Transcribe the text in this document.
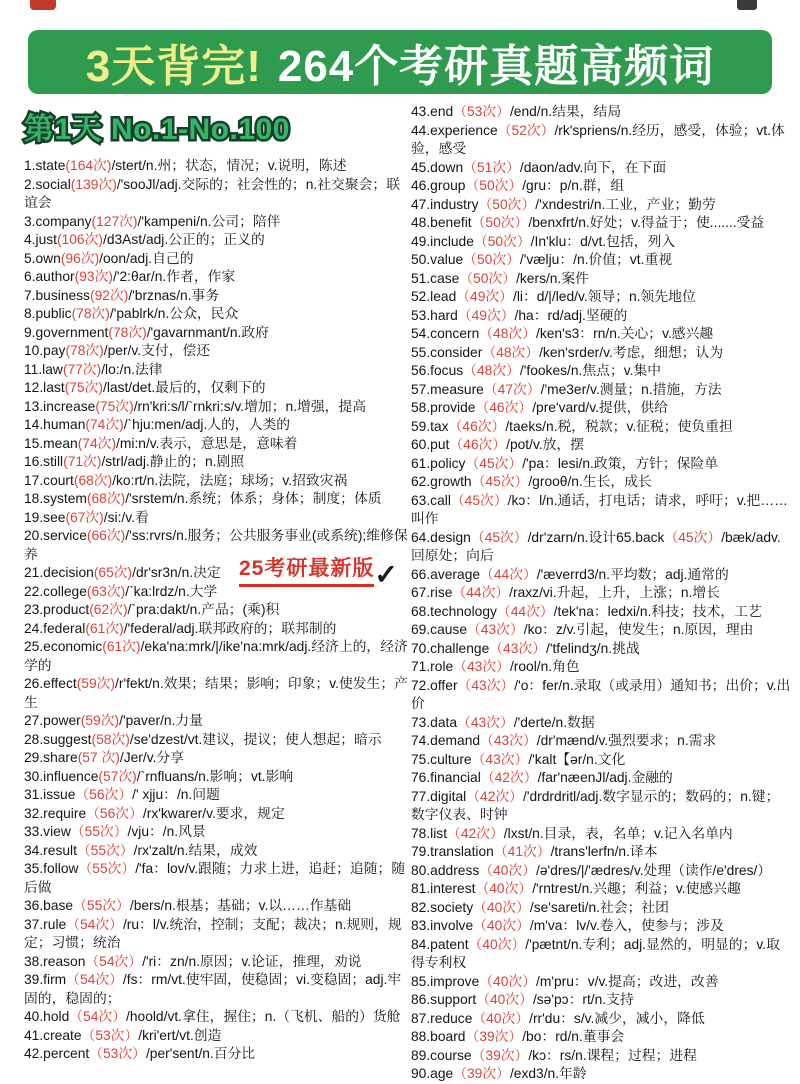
3天背完! 264个考研真题高频词
第1天 No.1-No.100

1.state(164次)/stert/n.州；状态，情况；v.说明，陈述

2.social(139次)/'sooJl/adj.交际的；社会性的；n.社交聚会；联谊会

3.company(127次)/'kampeni/n.公司；陪伴

4.just(106次)/d3Ast/adj.公正的；正义的

5.own(96次)/oon/adj.自己的

6.author(93次)/'2:θar/n.作者，作家

7.business(92次)/'brznas/n.事务

8.public(78次)/'pablrk/n.公众，民众

9.government(78次)/'gavarnmant/n.政府

10.pay(78次)/per/v.支付，偿还

11.law(77次)/lo:/n.法律

12.last(75次)/last/det.最后的，仅剩下的

13.increase(75次)/rn'kri:s/l/`rnkri:s/v.增加；n.增强，提高

14.human(74次)/`hju:men/adj.人的，人类的

15.mean(74次)/mi:n/v.表示，意思是，意味着

16.still(71次)/strl/adj.静止的；n.剧照

17.court(68次)/ko:rt/n.法院，法庭；球场；v.招致灾祸

18.system(68次)/'srstem/n.系统；体系；身体；制度；体质

19.see(67次)/si:/v.看

20.service(66次)/'ss:rvrs/n.服务；公共服务事业(或系统);维修保养

21.decision(65次)/dr'sr3n/n.决定

22.college(63次)/`ka:lrdz/n.大学

23.product(62次)/`pra:dakt/n.产品；(乘)积

24.federal(61次)/'federal/adj.联邦政府的；联邦制的

25.economic(61次)/eka'na:mrk/|/ike'na:mrk/adj.经济上的，经济学的

26.effect(59次)/r'fekt/n.效果；结果；影响；印象；v.使发生；产生

27.power(59次)/'paver/n.力量

28.suggest(58次)/se'dzest/vt.建议，提议；使人想起；暗示

29.share(57 次)/Jer/v.分享

30.influence(57次)/`rnfluans/n.影响；vt.影响

31.issue（56次）/' xjju：/n.问题

32.require（56次）/rx'kwarer/v.要求，规定

33.view（55次）/vju：/n.风景

34.result（55次）/rx'zalt/n.结果，成效

35.follow（55次）/'fa：lov/v.跟随；力求上进，追赶；追随；随后做

36.base（55次）/bers/n.根基；基础；v.以……作基础

37.rule（54次）/ru：l/v.统治，控制；支配；裁决；n.规则，规定；习惯；统治

38.reason（54次）/'ri：zn/n.原因；v.论证，推理，劝说

39.firm（54次）/fs：rm/vt.使牢固，使稳固；vi.变稳固；adj.牢固的，稳固的；

40.hold（54次）/hoold/vt.拿住，握住；n.（飞机、船的）货舱

41.create（53次）/kri'ert/vt.创造

42.percent（53次）/per'sent/n.百分比

43.end（53次）/end/n.结果，结局

44.experience（52次）/rk'spriens/n.经历，感受，体验；vt.体验，感受

45.down（51次）/daon/adv.向下，在下面

46.group（50次）/gru：p/n.群，组

47.industry（50次）/'xndestri/n.工业，产业；勤劳

48.benefit（50次）/benxfrt/n.好处；v.得益于；使.......受益

49.include（50次）/In'klu：d/vt.包括，列入

50.value（50次）/'vælju：/n.价值；vt.重视

51.case（50次）/kers/n.案件

52.lead（49次）/li：d/|/led/v.领导；n.领先地位

53.hard（49次）/ha：rd/adj.坚硬的

54.concern（48次）/ken's3：rn/n.关心；v.感兴趣

55.consider（48次）/ken'srder/v.考虑，细想；认为

56.focus（48次）/'fookes/n.焦点；v.集中

57.measure（47次）/'me3er/v.测量；n.措施，方法

58.provide（46次）/pre'vard/v.提供，供给

59.tax（46次）/taeks/n.税，税款；v.征税；使负重担

60.put（46次）/pot/v.放，摆

61.policy（45次）/'pa：lesi/n.政策，方针；保险单

62.growth（45次）/grooθ/n.生长，成长

63.call（45次）/kɔ：l/n.通话，打电话；请求，呼吁；v.把……叫作

64.design（45次）/dr'zarn/n.设计65.back（45次）/bæk/adv.回原处；向后

66.average（44次）/'æverrd3/n.平均数；adj.通常的

67.rise（44次）/raxz/vi.升起，上升，上涨；n.增长

68.technology（44次）/tek'na：ledxi/n.科技；技术，工艺

69.cause（43次）/ko：z/v.引起，使发生；n.原因，理由

70.challenge（43次）/'tfelindʒ/n.挑战

71.role（43次）/rool/n.角色

72.offer（43次）/'o：fer/n.录取（或录用）通知书；出价；v.出价

73.data（43次）/'derte/n.数据

74.demand（43次）/dr'mænd/v.强烈要求；n.需求

75.culture（43次）/'kalt【ər/n.文化

76.financial（42次）/far'næenJl/adj.金融的

77.digital（42次）/'drdrdritl/adj.数字显示的；数码的；n.键；数字仪表、时钟

78.list（42次）/lxst/n.目录，表，名单；v.记入名单内

79.translation（41次）/trans'lerfn/n.译本

80.address（40次）/ə'dres/|/'ædres/v.处理（读作/e'dres/）

81.interest（40次）/'rntrest/n.兴趣；利益；v.使感兴趣

82.society（40次）/se'sareti/n.社会；社团

83.involve（40次）/m'va：lv/v.卷入，使参与；涉及

84.patent（40次）/'pætnt/n.专利；adj.显然的，明显的；v.取得专利权

85.improve（40次）/m'pru：v/v.提高；改进，改善

86.support（40次）/sə'pɔ：rt/n.支持

87.reduce（40次）/rr'du：s/v.减少，减小，降低

88.board（39次）/bo：rd/n.董事会

89.course（39次）/kɔ：rs/n.课程；过程；进程

90.age（39次）/exd3/n.年龄

25考研最新版 ✓
